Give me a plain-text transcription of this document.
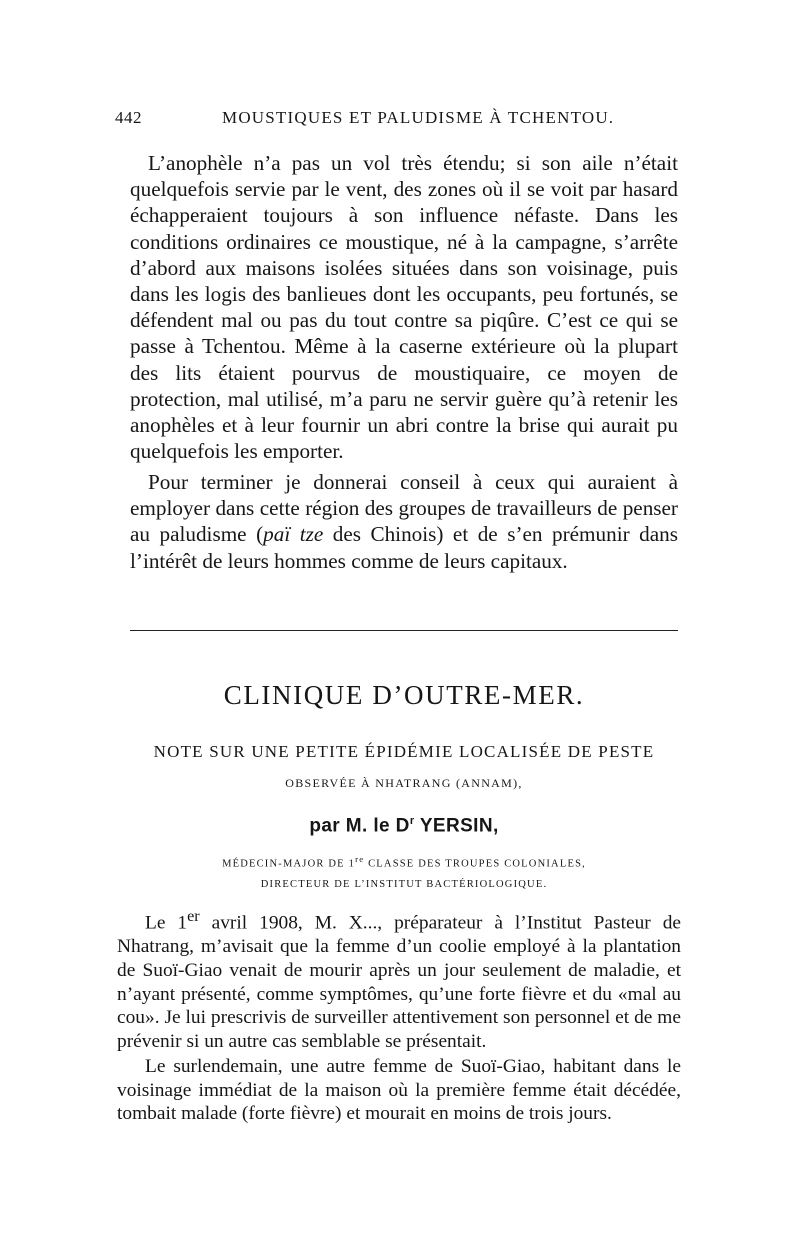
442	MOUSTIQUES ET PALUDISME À TCHENTOU.

L’anophèle n’a pas un vol très étendu; si son aile n’était quelquefois servie par le vent, des zones où il se voit par hasard échapperaient toujours à son influence néfaste. Dans les conditions ordinaires ce moustique, né à la campagne, s’arrête d’abord aux maisons isolées situées dans son voisinage, puis dans les logis des banlieues dont les occupants, peu fortunés, se défendent mal ou pas du tout contre sa piqûre. C’est ce qui se passe à Tchentou. Même à la caserne extérieure où la plupart des lits étaient pourvus de moustiquaire, ce moyen de protection, mal utilisé, m’a paru ne servir guère qu’à retenir les anophèles et à leur fournir un abri contre la brise qui aurait pu quelquefois les emporter.

Pour terminer je donnerai conseil à ceux qui auraient à employer dans cette région des groupes de travailleurs de penser au paludisme (paï tze des Chinois) et de s’en prémunir dans l’intérêt de leurs hommes comme de leurs capitaux.

CLINIQUE D’OUTRE-MER.
NOTE SUR UNE PETITE ÉPIDÉMIE LOCALISÉE DE PESTE
OBSERVÉE À NHATRANG (ANNAM),
par M. le $D^r$ YERSIN,
MÉDECIN-MAJOR DE 1re CLASSE DES TROUPES COLONIALES,
DIRECTEUR DE L’INSTITUT BACTÉRIOLOGIQUE.

Le 1er avril 1908, M. X..., préparateur à l’Institut Pasteur de Nhatrang, m’avisait que la femme d’un coolie employé à la plantation de Suoï-Giao venait de mourir après un jour seulement de maladie, et n’ayant présenté, comme symptômes, qu’une forte fièvre et du «mal au cou». Je lui prescrivis de surveiller attentivement son personnel et de me prévenir si un autre cas semblable se présentait.

Le surlendemain, une autre femme de Suoï-Giao, habitant dans le voisinage immédiat de la maison où la première femme était décédée, tombait malade (forte fièvre) et mourait en moins de trois jours.
